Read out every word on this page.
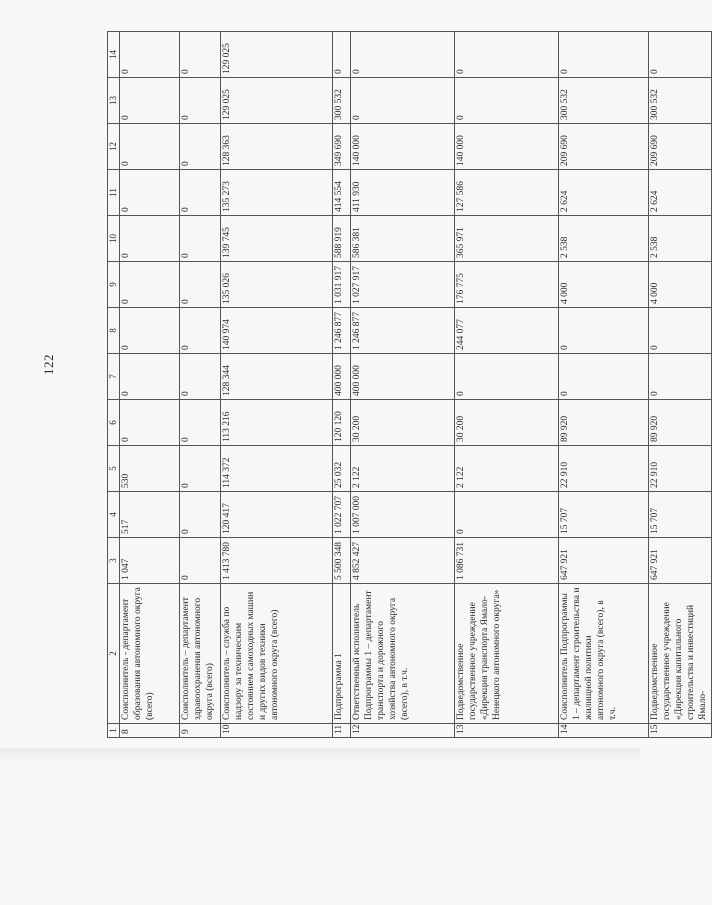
122
1	2	3	4	5	6	7	8	9	10	11	12	13	14
8	Соисполнитель - департамент образования автономного округа (всего)	1 047	517	530	0	0	0	0	0	0	0	0	0
9	Соисполнитель – департамент здравоохранения автономного округа (всего)	0	0	0	0	0	0	0	0	0	0	0	0
10	Соисполнитель – служба по надзору за техническим состоянием самоходных машин и других видов техники автономного округа (всего)	1 413 780	120 417	114 372	113 216	128 344	140 974	135 026	139 745	135 273	128 363	129 025	129 025
11	Подпрограмма 1	5 500 348	1 022 707	25 032	120 120	400 000	1 246 877	1 031 917	588 919	414 554	349 690	300 532	0
12	Ответственный исполнитель Подпрограммы 1 – департамент транспорта и дорожного хозяйства автономного округа (всего), в т.ч.	4 852 427	1 007 000	2 122	30 200	400 000	1 246 877	1 027 917	586 381	411 930	140 000	0	0
13	Подведомственное государственное учреждение «Дирекция транспорта Ямало-Ненецкого автономного округа»	1 086 731	0	2 122	30 200	0	244 077	176 775	365 971	127 586	140 000	0	0
14	Соисполнитель Подпрограммы 1 – департамент строительства и жилищной политики автономного округа (всего), в т.ч.	647 921	15 707	22 910	89 920	0	0	4 000	2 538	2 624	209 690	300 532	0
15	Подведомственное государственное учреждение «Дирекция капитального строительства и инвестиций Ямало-	647 921	15 707	22 910	89 920	0	0	4 000	2 538	2 624	209 690	300 532	0
